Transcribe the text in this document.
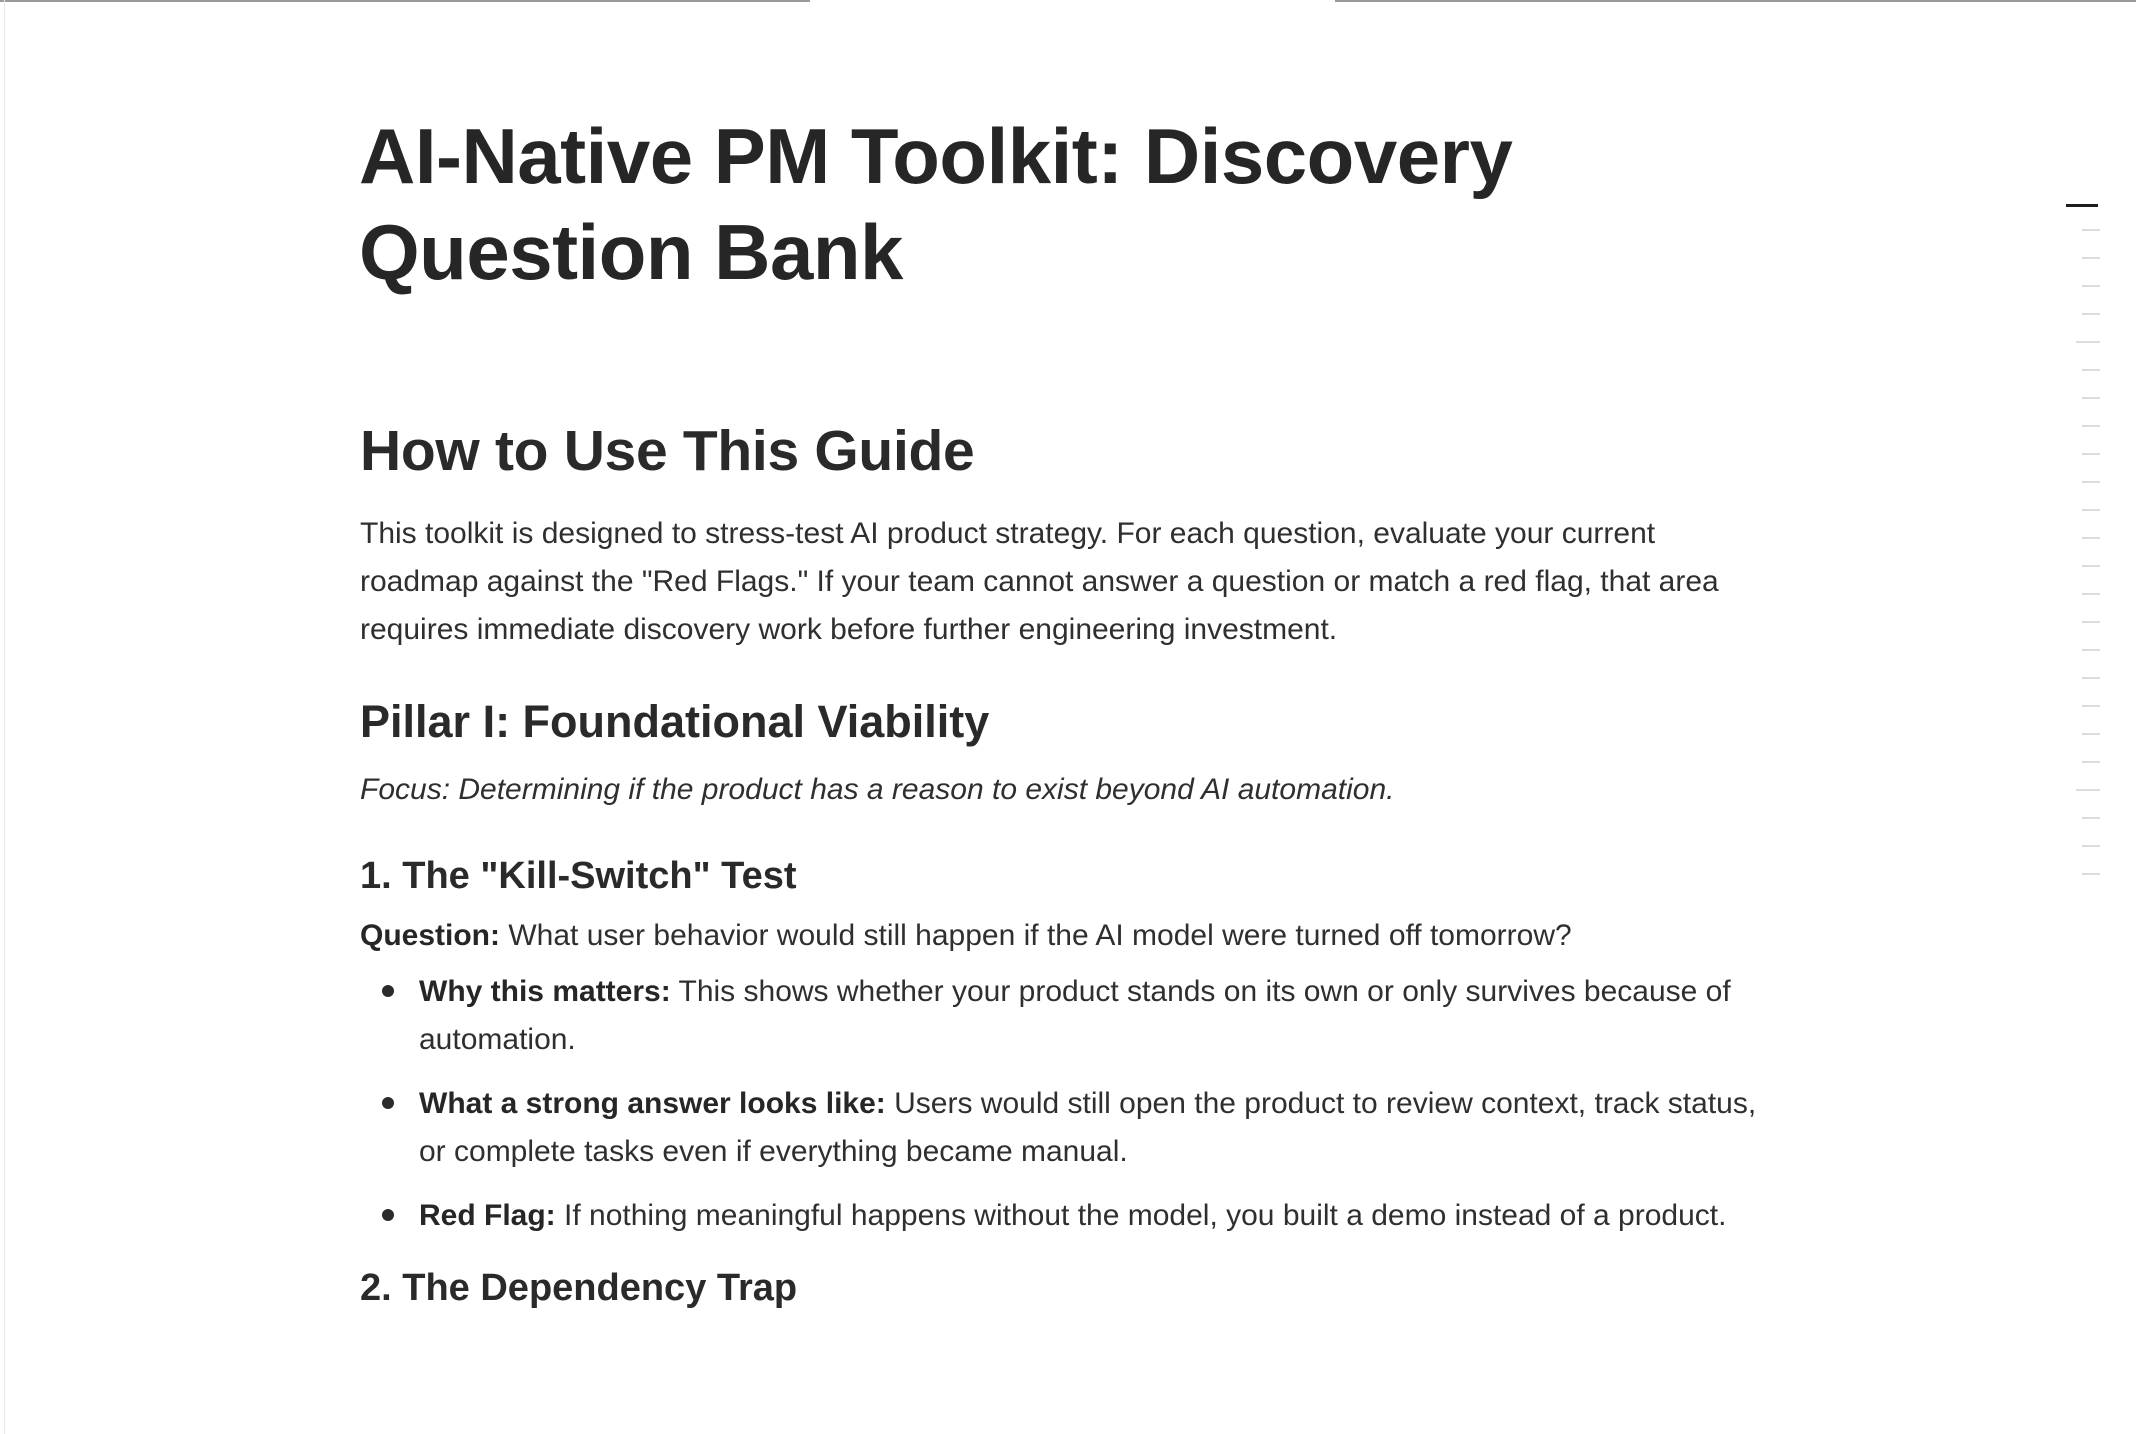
AI-Native PM Toolkit: Discovery Question Bank
How to Use This Guide

This toolkit is designed to stress-test AI product strategy. For each question, evaluate your current roadmap against the "Red Flags." If your team cannot answer a question or match a red flag, that area requires immediate discovery work before further engineering investment.

Pillar I: Foundational Viability

Focus: Determining if the product has a reason to exist beyond AI automation.

1. The "Kill-Switch" Test

Question: What user behavior would still happen if the AI model were turned off tomorrow?

Why this matters: This shows whether your product stands on its own or only survives because of automation.
What a strong answer looks like: Users would still open the product to review context, track status, or complete tasks even if everything became manual.
Red Flag: If nothing meaningful happens without the model, you built a demo instead of a product.
2. The Dependency Trap
